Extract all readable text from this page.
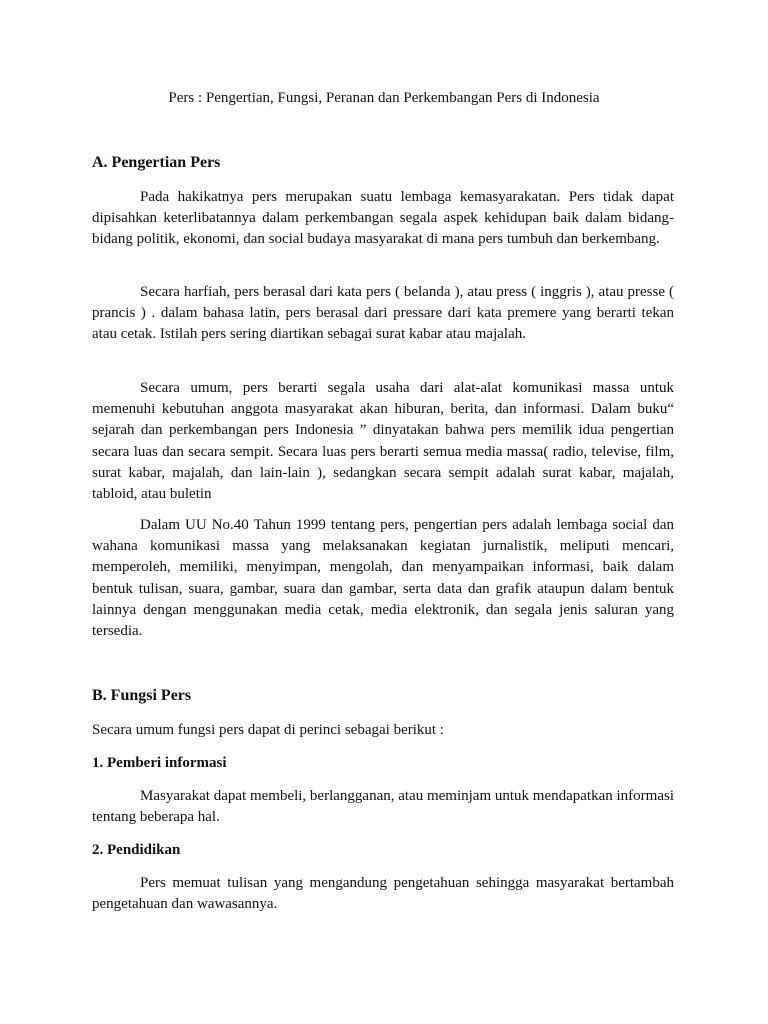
Pers : Pengertian, Fungsi, Peranan dan Perkembangan Pers di Indonesia
A. Pengertian Pers

Pada hakikatnya pers merupakan suatu lembaga kemasyarakatan. Pers tidak dapat dipisahkan keterlibatannya dalam perkembangan segala aspek kehidupan baik dalam bidang-bidang politik, ekonomi, dan social budaya masyarakat di mana pers tumbuh dan berkembang.

Secara harfiah, pers berasal dari kata pers ( belanda ), atau press ( inggris ), atau presse ( prancis ) . dalam bahasa latin, pers berasal dari pressare dari kata premere yang berarti tekan atau cetak. Istilah pers sering diartikan sebagai surat kabar atau majalah.

Secara umum, pers berarti segala usaha dari alat-alat komunikasi massa untuk memenuhi kebutuhan anggota masyarakat akan hiburan, berita, dan informasi. Dalam buku“ sejarah dan perkembangan pers Indonesia ” dinyatakan bahwa pers memilik idua pengertian secara luas dan secara sempit. Secara luas pers berarti semua media massa( radio, televise, film, surat kabar, majalah, dan lain-lain ), sedangkan secara sempit adalah surat kabar, majalah, tabloid, atau buletin

Dalam UU No.40 Tahun 1999 tentang pers, pengertian pers adalah lembaga social dan wahana komunikasi massa yang melaksanakan kegiatan jurnalistik, meliputi mencari, memperoleh, memiliki, menyimpan, mengolah, dan menyampaikan informasi, baik dalam bentuk tulisan, suara, gambar, suara dan gambar, serta data dan grafik ataupun dalam bentuk lainnya dengan menggunakan media cetak, media elektronik, dan segala jenis saluran yang tersedia.

B. Fungsi Pers

Secara umum fungsi pers dapat di perinci sebagai berikut :

1. Pemberi informasi

Masyarakat dapat membeli, berlangganan, atau meminjam untuk mendapatkan informasi tentang beberapa hal.

2. Pendidikan

Pers memuat tulisan yang mengandung pengetahuan sehingga masyarakat bertambah pengetahuan dan wawasannya.
